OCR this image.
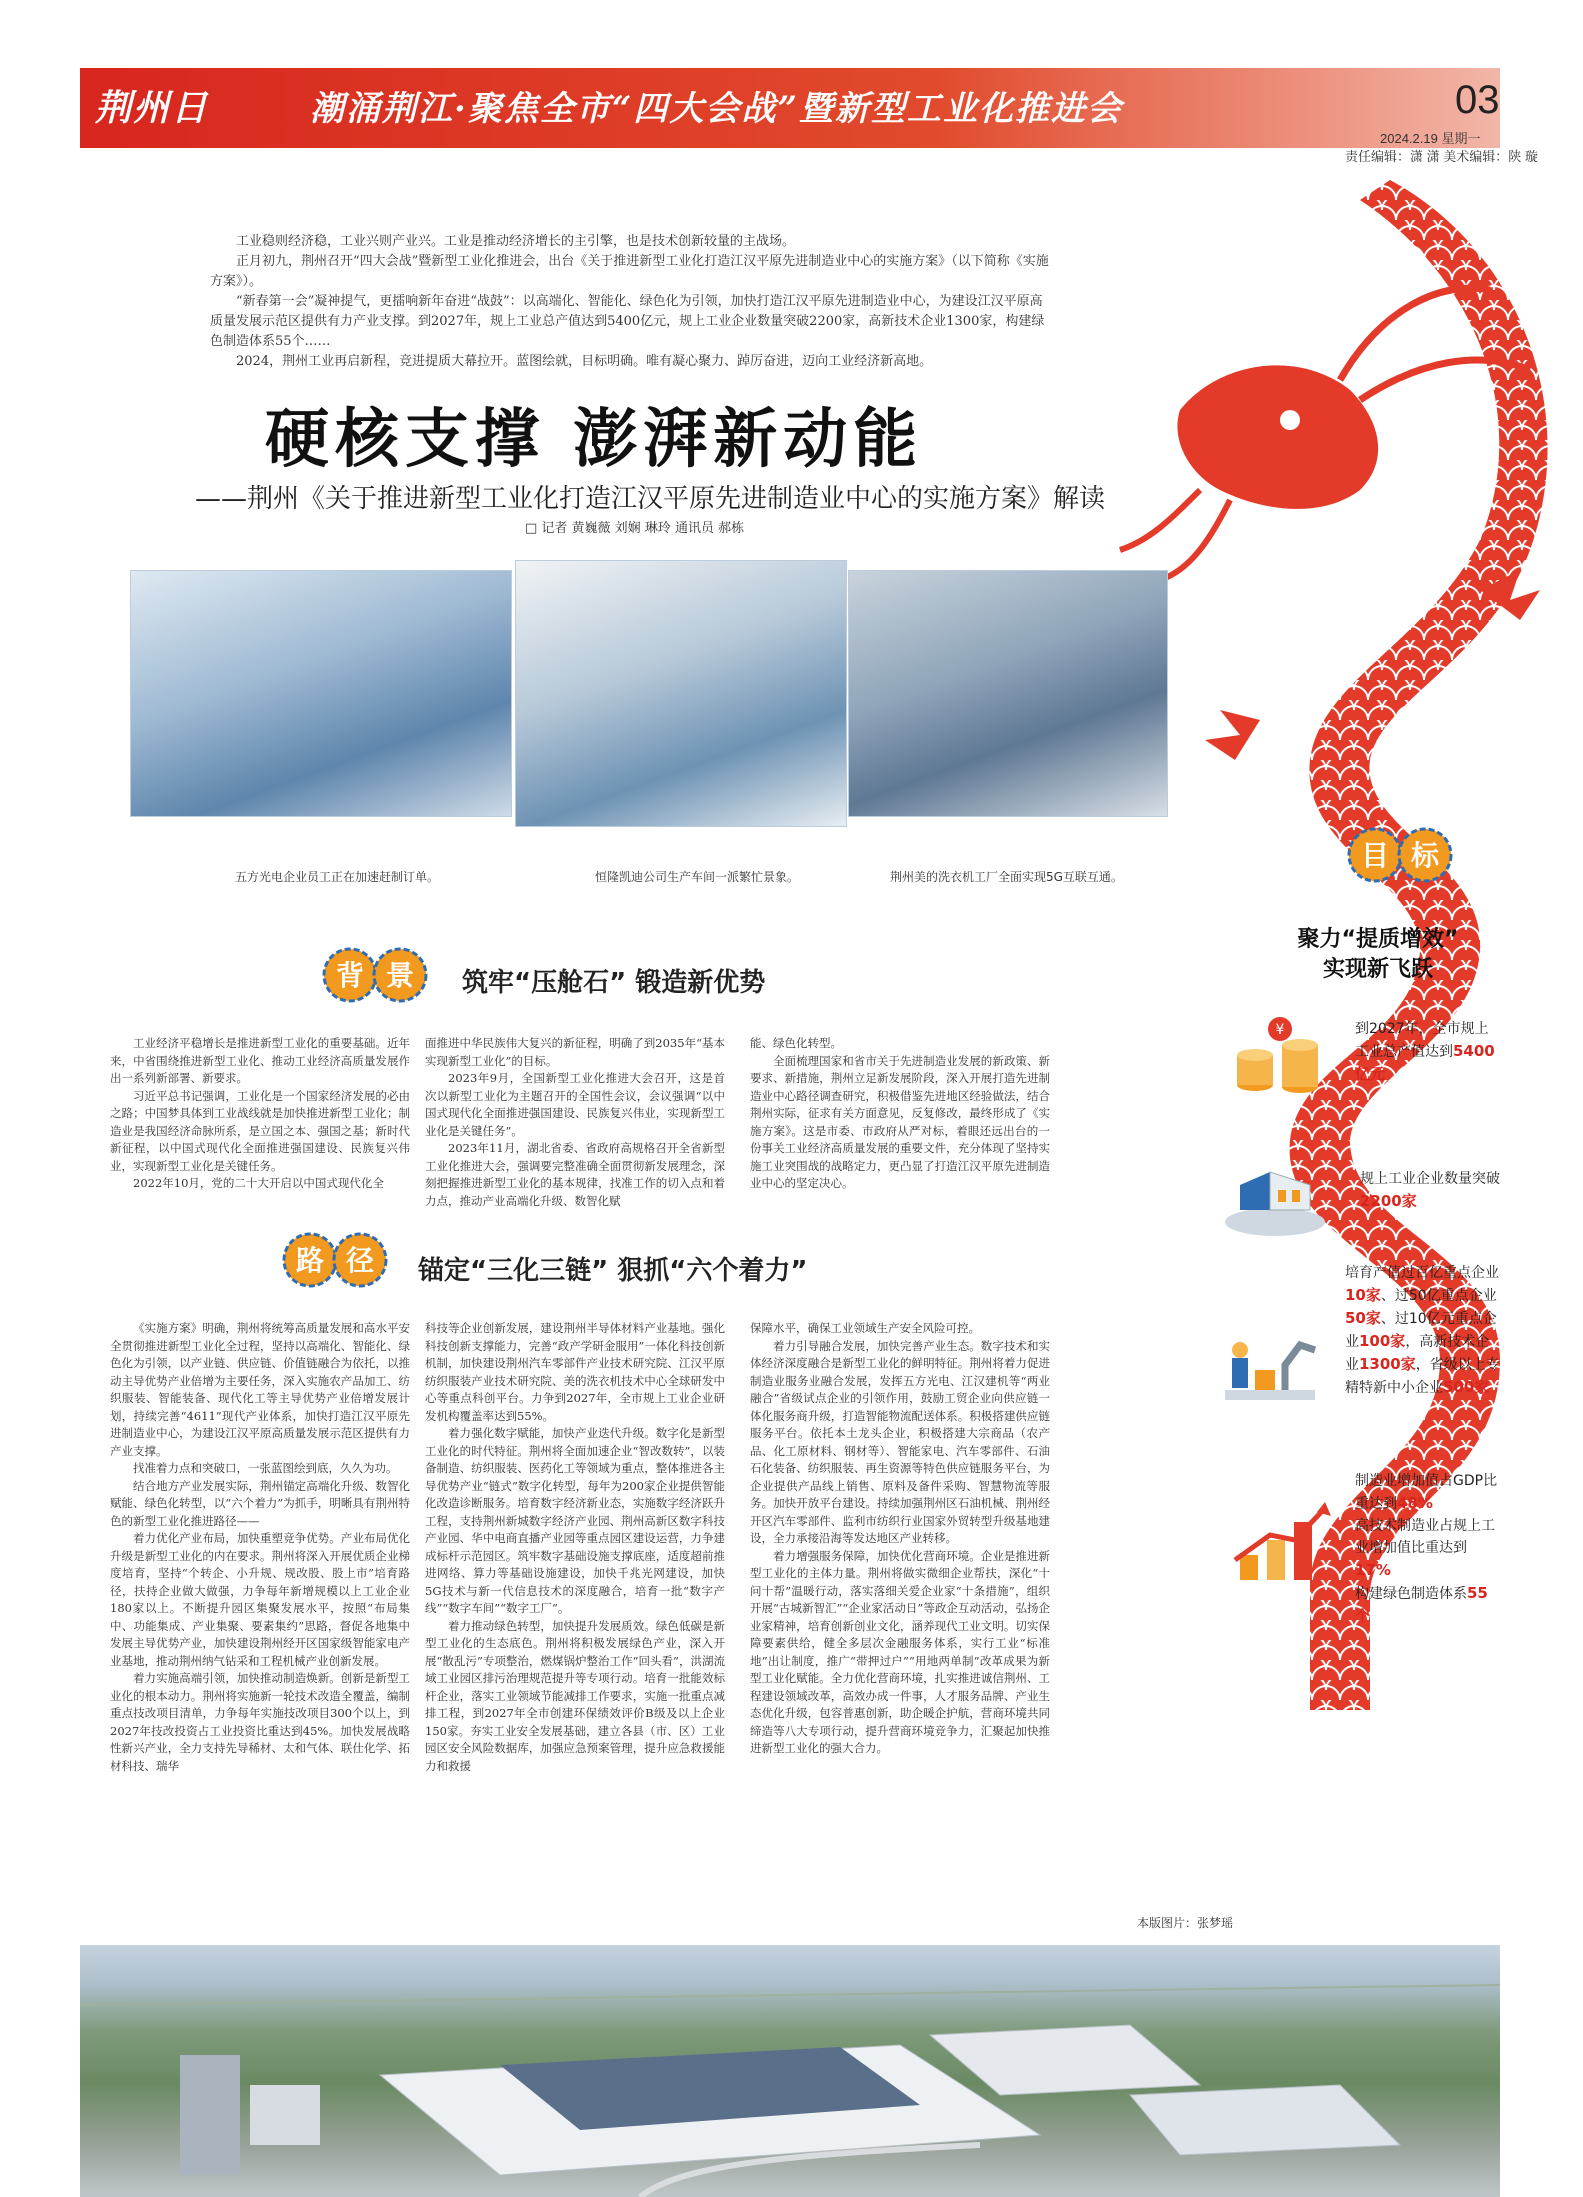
荆州日报
潮涌荆江·聚焦全市“四大会战”暨新型工业化推进会	03
2024.2.19 星期一
责任编辑：潇 潇 美术编辑：陕 璇

工业稳则经济稳，工业兴则产业兴。工业是推动经济增长的主引擎，也是技术创新较量的主战场。

正月初九，荆州召开“四大会战”暨新型工业化推进会，出台《关于推进新型工业化打造江汉平原先进制造业中心的实施方案》（以下简称《实施方案》）。

“新春第一会”凝神提气，更擂响新年奋进“战鼓”：以高端化、智能化、绿色化为引领，加快打造江汉平原先进制造业中心，为建设江汉平原高质量发展示范区提供有力产业支撑。到2027年，规上工业总产值达到5400亿元，规上工业企业数量突破2200家，高新技术企业1300家，构建绿色制造体系55个……

2024，荆州工业再启新程，竞进提质大幕拉开。蓝图绘就，目标明确。唯有凝心聚力、踔厉奋进，迈向工业经济新高地。

硬核支撑 澎湃新动能
——荆州《关于推进新型工业化打造江汉平原先进制造业中心的实施方案》解读
□ 记者 黄巍薇 刘娴 琳玲 通讯员 郝栋
五方光电企业员工正在加速赶制订单。	恒隆凯迪公司生产车间一派繁忙景象。	荆州美的洗衣机工厂全面实现5G互联互通。
背 景 筑牢“压舱石” 锻造新优势

工业经济平稳增长是推进新型工业化的重要基础。近年来，中省围绕推进新型工业化、推动工业经济高质量发展作出一系列新部署、新要求。

习近平总书记强调，工业化是一个国家经济发展的必由之路；中国梦具体到工业战线就是加快推进新型工业化；制造业是我国经济命脉所系，是立国之本、强国之基；新时代新征程，以中国式现代化全面推进强国建设、民族复兴伟业，实现新型工业化是关键任务。

2022年10月，党的二十大开启以中国式现代化全

面推进中华民族伟大复兴的新征程，明确了到2035年“基本实现新型工业化”的目标。

2023年9月，全国新型工业化推进大会召开，这是首次以新型工业化为主题召开的全国性会议，会议强调“以中国式现代化全面推进强国建设、民族复兴伟业，实现新型工业化是关键任务”。

2023年11月，湖北省委、省政府高规格召开全省新型工业化推进大会，强调要完整准确全面贯彻新发展理念，深刻把握推进新型工业化的基本规律，找准工作的切入点和着力点，推动产业高端化升级、数智化赋

能、绿色化转型。

全面梳理国家和省市关于先进制造业发展的新政策、新要求、新措施，荆州立足新发展阶段，深入开展打造先进制造业中心路径调查研究，积极借鉴先进地区经验做法，结合荆州实际，征求有关方面意见，反复修改，最终形成了《实施方案》。这是市委、市政府从严对标，着眼还远出台的一份事关工业经济高质量发展的重要文件，充分体现了坚持实施工业突围战的战略定力，更凸显了打造江汉平原先进制造业中心的坚定决心。

路 径 锚定“三化三链” 狠抓“六个着力”

《实施方案》明确，荆州将统筹高质量发展和高水平安全贯彻推进新型工业化全过程，坚持以高端化、智能化、绿色化为引领，以产业链、供应链、价值链融合为依托，以推动主导优势产业倍增为主要任务，深入实施农产品加工、纺织服装、智能装备、现代化工等主导优势产业倍增发展计划，持续完善“4611”现代产业体系，加快打造江汉平原先进制造业中心，为建设江汉平原高质量发展示范区提供有力产业支撑。

找准着力点和突破口，一张蓝图绘到底，久久为功。

结合地方产业发展实际，荆州锚定高端化升级、数智化赋能、绿色化转型，以“六个着力”为抓手，明晰具有荆州特色的新型工业化推进路径——

着力优化产业布局，加快重塑竞争优势。产业布局优化升级是新型工业化的内在要求。荆州将深入开展优质企业梯度培育，坚持“个转企、小升规、规改股、股上市”培育路径，扶持企业做大做强，力争每年新增规模以上工业企业180家以上。不断提升园区集聚发展水平，按照“布局集中、功能集成、产业集聚、要素集约”思路，督促各地集中发展主导优势产业，加快建设荆州经开区国家级智能家电产业基地，推动荆州纳气钻采和工程机械产业创新发展。

着力实施高端引领，加快推动制造焕新。创新是新型工业化的根本动力。荆州将实施新一轮技术改造全覆盖，编制重点技改项目清单，力争每年实施技改项目300个以上，到2027年技改投资占工业投资比重达到45%。加快发展战略性新兴产业，全力支持先导稀材、太和气体、联仕化学、拓材科技、瑞华

科技等企业创新发展，建设荆州半导体材料产业基地。强化科技创新支撑能力，完善“政产学研金服用”一体化科技创新机制，加快建设荆州汽车零部件产业技术研究院、江汉平原纺织服装产业技术研究院、美的洗衣机技术中心全球研发中心等重点科创平台。力争到2027年，全市规上工业企业研发机构覆盖率达到55%。

着力强化数字赋能，加快产业迭代升级。数字化是新型工业化的时代特征。荆州将全面加速企业“智改数转”，以装备制造、纺织服装、医药化工等领域为重点，整体推进各主导优势产业“链式”数字化转型，每年为200家企业提供智能化改造诊断服务。培育数字经济新业态，实施数字经济跃升工程，支持荆州新城数字经济产业园、荆州高新区数字科技产业园、华中电商直播产业园等重点园区建设运营，力争建成标杆示范园区。筑牢数字基础设施支撑底座，适度超前推进网络、算力等基础设施建设，加快千兆光网建设，加快5G技术与新一代信息技术的深度融合，培育一批“数字产线”“数字车间”“数字工厂”。

着力推动绿色转型，加快提升发展质效。绿色低碳是新型工业化的生态底色。荆州将积极发展绿色产业，深入开展“散乱污”专项整治，燃煤锅炉整治工作“回头看”，洪湖流域工业园区排污治理规范提升等专项行动。培育一批能效标杆企业，落实工业领域节能减排工作要求，实施一批重点减排工程，到2027年全市创建环保绩效评价B级及以上企业150家。夯实工业安全发展基础，建立各县（市、区）工业园区安全风险数据库，加强应急预案管理，提升应急救援能力和救援

保障水平，确保工业领域生产安全风险可控。

着力引导融合发展，加快完善产业生态。数字技术和实体经济深度融合是新型工业化的鲜明特征。荆州将着力促进制造业服务业融合发展，发挥五方光电、江汉建机等“两业融合”省级试点企业的引领作用，鼓励工贸企业向供应链一体化服务商升级，打造智能物流配送体系。积极搭建供应链服务平台。依托本土龙头企业，积极搭建大宗商品（农产品、化工原材料、钢材等）、智能家电、汽车零部件、石油石化装备、纺织服装、再生资源等特色供应链服务平台，为企业提供产品线上销售、原料及备件采购、智慧物流等服务。加快开放平台建设。持续加强荆州区石油机械、荆州经开区汽车零部件、监利市纺织行业国家外贸转型升级基地建设，全力承接沿海等发达地区产业转移。

着力增强服务保障，加快优化营商环境。企业是推进新型工业化的主体力量。荆州将做实微细企业帮扶，深化“十问十帮”温暖行动，落实落细关爱企业家“十条措施”，组织开展“古城新智汇”“企业家活动日”等政企互动活动，弘扬企业家精神，培育创新创业文化，涵养现代工业文明。切实保障要素供给，健全多层次金融服务体系，实行工业“标准地”出让制度，推广“带押过户”“用地两单制”改革成果为新型工业化赋能。全力优化营商环境，扎实推进诚信荆州、工程建设领域改革，高效办成一件事，人才服务品牌、产业生态优化升级，包容普惠创新，助企暖企护航，营商环境共同缔造等八大专项行动，提升营商环境竞争力，汇聚起加快推进新型工业化的强大合力。

目 标
聚力“提质增效”
实现新飞跃
¥	到2027年，全市规上工业总产值达到5400亿元
规上工业企业数量突破2200家
培育产值过百亿重点企业10家、过50亿重点企业50家、过10亿元重点企业100家，高新技术企业1300家，省级以上专精特新中小企业500家
制造业增加值占GDP比重达到48%
高技术制造业占规上工业增加值比重达到17%
构建绿色制造体系55个
本版图片：张梦瑶
